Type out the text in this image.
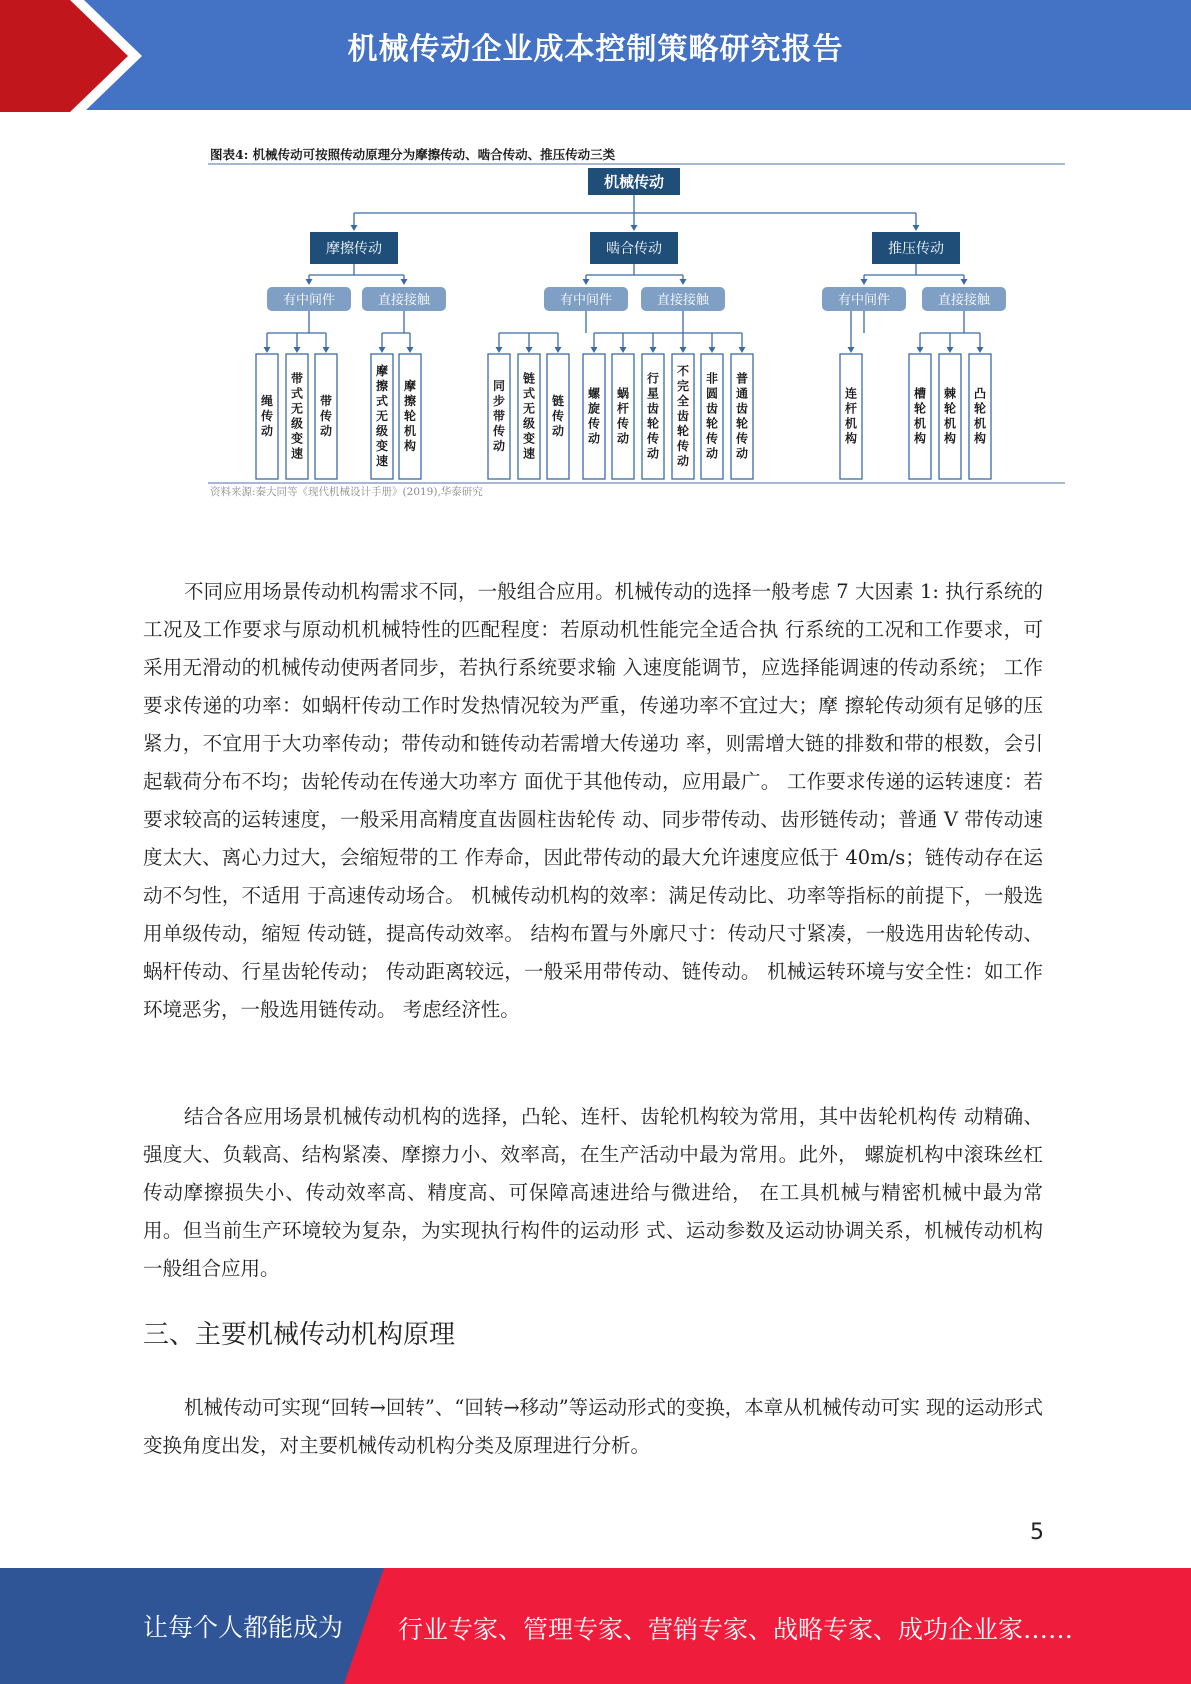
机械传动企业成本控制策略研究报告
图表4: 机械传动可按照传动原理分为摩擦传动、啮合传动、推压传动三类
资料来源:秦大同等《现代机械设计手册》(2019),华泰研究
机械传动
摩擦传动
有中间件
绳传动
带式无级变速
带传动
直接接触
摩擦式无级变速
摩擦轮机构
啮合传动
有中间件
同步带传动
链式无级变速
链传动
直接接触
螺旋传动
蜗杆传动
行星齿轮传动
不完全齿轮传动
非圆齿轮传动
普通齿轮传动
推压传动
有中间件
连杆机构
直接接触
槽轮机构
棘轮机构
凸轮机构

不同应用场景传动机构需求不同，一般组合应用。机械传动的选择一般考虑 7 大因素 1: 执行系统的工况及工作要求与原动机机械特性的匹配程度：若原动机性能完全适合执 行系统的工况和工作要求，可采用无滑动的机械传动使两者同步，若执行系统要求输 入速度能调节，应选择能调速的传动系统； 工作要求传递的功率：如蜗杆传动工作时发热情况较为严重，传递功率不宜过大；摩 擦轮传动须有足够的压紧力，不宜用于大功率传动；带传动和链传动若需增大传递功 率，则需增大链的排数和带的根数，会引起载荷分布不均；齿轮传动在传递大功率方 面优于其他传动，应用最广。 工作要求传递的运转速度：若要求较高的运转速度，一般采用高精度直齿圆柱齿轮传 动、同步带传动、齿形链传动；普通 V 带传动速度太大、离心力过大，会缩短带的工 作寿命，因此带传动的最大允许速度应低于 40m/s；链传动存在运动不匀性，不适用 于高速传动场合。 机械传动机构的效率：满足传动比、功率等指标的前提下，一般选用单级传动，缩短 传动链，提高传动效率。 结构布置与外廓尺寸：传动尺寸紧凑，一般选用齿轮传动、蜗杆传动、行星齿轮传动； 传动距离较远，一般采用带传动、链传动。 机械运转环境与安全性：如工作环境恶劣，一般选用链传动。 考虑经济性。

结合各应用场景机械传动机构的选择，凸轮、连杆、齿轮机构较为常用，其中齿轮机构传 动精确、强度大、负载高、结构紧凑、摩擦力小、效率高，在生产活动中最为常用。此外， 螺旋机构中滚珠丝杠传动摩擦损失小、传动效率高、精度高、可保障高速进给与微进给， 在工具机械与精密机械中最为常用。但当前生产环境较为复杂，为实现执行构件的运动形 式、运动参数及运动协调关系，机械传动机构一般组合应用。

三、主要机械传动机构原理

机械传动可实现“回转→回转”、“回转→移动”等运动形式的变换，本章从机械传动可实 现的运动形式变换角度出发，对主要机械传动机构分类及原理进行分析。

5
让每个人都能成为 行业专家、管理专家、营销专家、战略专家、成功企业家……
